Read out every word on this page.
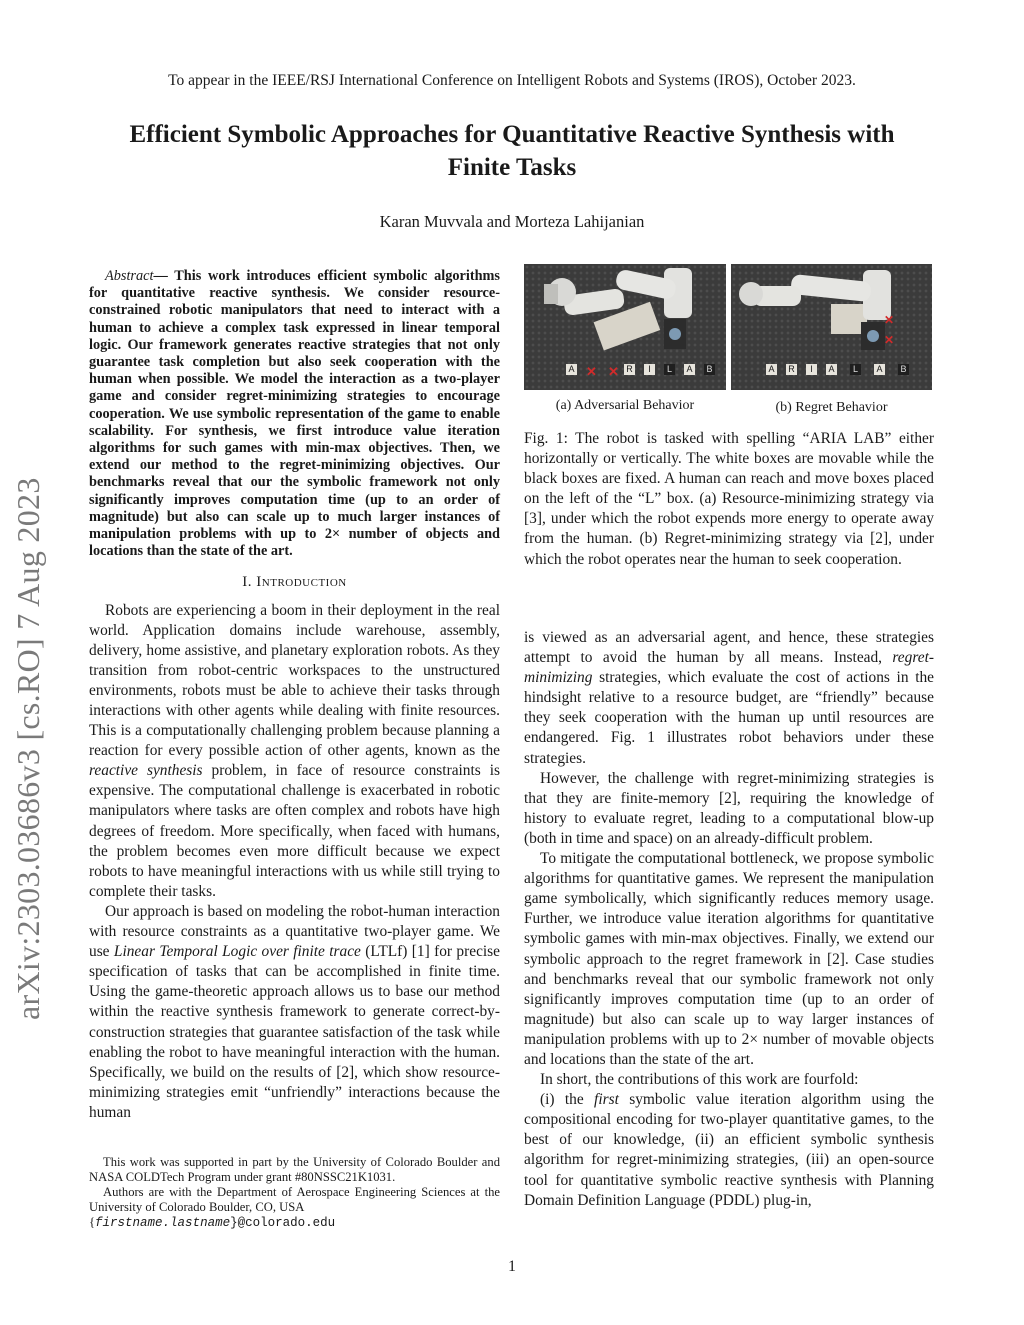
To appear in the IEEE/RSJ International Conference on Intelligent Robots and Systems (IROS), October 2023.
Efficient Symbolic Approaches for Quantitative Reactive Synthesis with Finite Tasks
Karan Muvvala and Morteza Lahijanian
arXiv:2303.03686v3 [cs.RO] 7 Aug 2023
Abstract— This work introduces efficient symbolic algorithms for quantitative reactive synthesis. We consider resource-constrained robotic manipulators that need to interact with a human to achieve a complex task expressed in linear temporal logic. Our framework generates reactive strategies that not only guarantee task completion but also seek cooperation with the human when possible. We model the interaction as a two-player game and consider regret-minimizing strategies to encourage cooperation. We use symbolic representation of the game to enable scalability. For synthesis, we first introduce value iteration algorithms for such games with min-max objectives. Then, we extend our method to the regret-minimizing objectives. Our benchmarks reveal that our the symbolic framework not only significantly improves computation time (up to an order of magnitude) but also can scale up to much larger instances of manipulation problems with up to 2× number of objects and locations than the state of the art.
I. Introduction

Robots are experiencing a boom in their deployment in the real world. Application domains include warehouse, assembly, delivery, home assistive, and planetary exploration robots. As they transition from robot-centric workspaces to the unstructured environments, robots must be able to achieve their tasks through interactions with other agents while dealing with finite resources. This is a computationally challenging problem because planning a reaction for every possible action of other agents, known as the reactive synthesis problem, in face of resource constraints is expensive. The computational challenge is exacerbated in robotic manipulators where tasks are often complex and robots have high degrees of freedom. More specifically, when faced with humans, the problem becomes even more difficult because we expect robots to have meaningful interactions with us while still trying to complete their tasks.

Our approach is based on modeling the robot-human interaction with resource constraints as a quantitative two-player game. We use Linear Temporal Logic over finite trace (LTLf) [1] for precise specification of tasks that can be accomplished in finite time. Using the game-theoretic approach allows us to base our method within the reactive synthesis framework to generate correct-by-construction strategies that guarantee satisfaction of the task while enabling the robot to have meaningful interaction with the human. Specifically, we build on the results of [2], which show resource-minimizing strategies emit “unfriendly” interactions because the human

This work was supported in part by the University of Colorado Boulder and NASA COLDTech Program under grant #80NSSC21K1031.

Authors are with the Department of Aerospace Engineering Sciences at the University of Colorado Boulder, CO, USA
{firstname.lastname}@colorado.edu

A ✕ ✕ R	I	L	A B	A R	I	A	L	A B
✕
✕
(a) Adversarial Behavior	(b) Regret Behavior

Fig. 1: The robot is tasked with spelling “ARIA LAB” either horizontally or vertically. The white boxes are movable while the black boxes are fixed. A human can reach and move boxes placed on the left of the “L” box. (a) Resource-minimizing strategy via [3], under which the robot expends more energy to operate away from the human. (b) Regret-minimizing strategy via [2], under which the robot operates near the human to seek cooperation.

is viewed as an adversarial agent, and hence, these strategies attempt to avoid the human by all means. Instead, regret-minimizing strategies, which evaluate the cost of actions in the hindsight relative to a resource budget, are “friendly” because they seek cooperation with the human up until resources are endangered. Fig. 1 illustrates robot behaviors under these strategies.

However, the challenge with regret-minimizing strategies is that they are finite-memory [2], requiring the knowledge of history to evaluate regret, leading to a computational blow-up (both in time and space) on an already-difficult problem.

To mitigate the computational bottleneck, we propose symbolic algorithms for quantitative games. We represent the manipulation game symbolically, which significantly reduces memory usage. Further, we introduce value iteration algorithms for quantitative symbolic games with min-max objectives. Finally, we extend our symbolic approach to the regret framework in [2]. Case studies and benchmarks reveal that our symbolic framework not only significantly improves computation time (up to an order of magnitude) but also can scale up to way larger instances of manipulation problems with up to 2× number of movable objects and locations than the state of the art.

In short, the contributions of this work are fourfold:

(i) the first symbolic value iteration algorithm using the compositional encoding for two-player quantitative games, to the best of our knowledge, (ii) an efficient symbolic synthesis algorithm for regret-minimizing strategies, (iii) an open-source tool for quantitative symbolic reactive synthesis with Planning Domain Definition Language (PDDL) plug-in,

1
